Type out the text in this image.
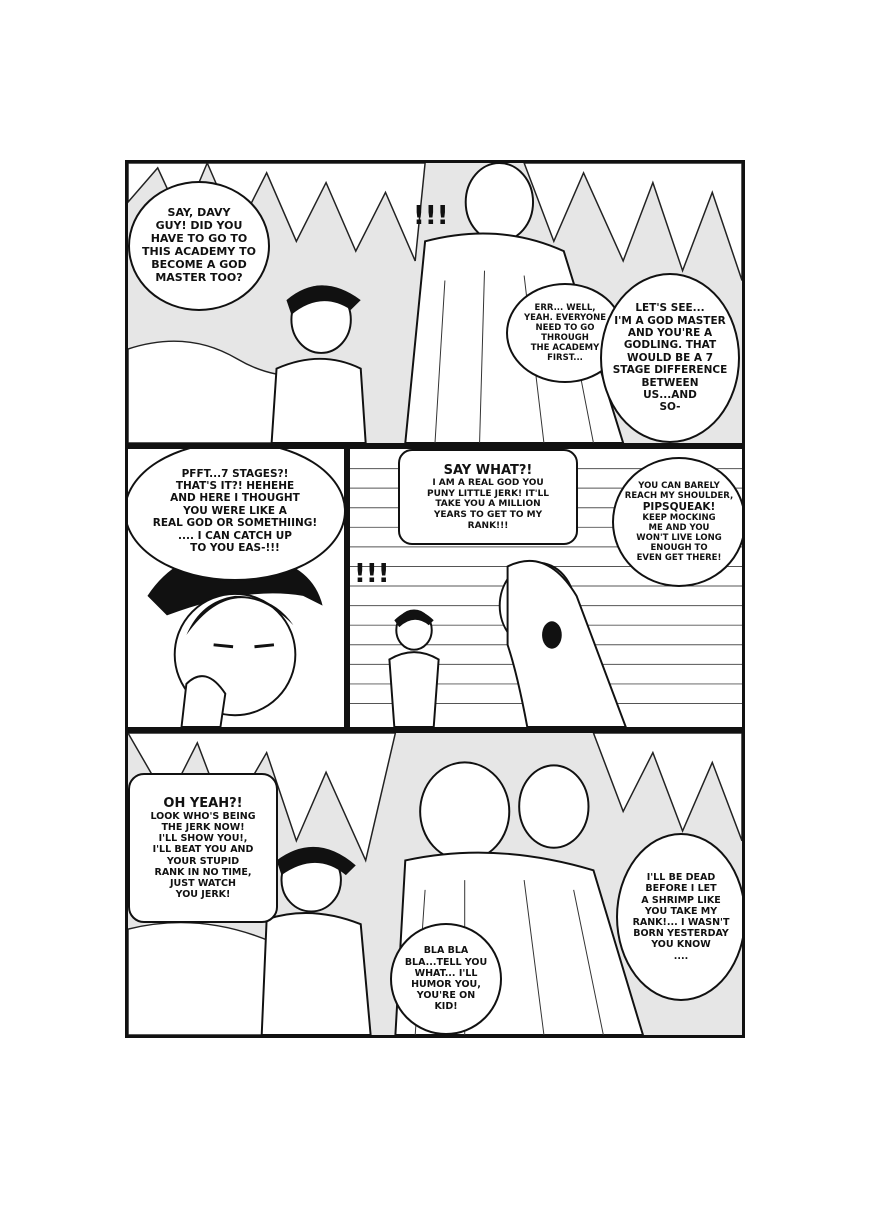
!!!
SAY, DAVY
GUY! DID YOU
HAVE TO GO TO
THIS ACADEMY TO
BECOME A GOD
MASTER TOO?
ERR... WELL,
YEAH. EVERYONE
NEED TO GO
THROUGH
THE ACADEMY
FIRST...
LET'S SEE...
I'M A GOD MASTER
AND YOU'RE A
GODLING. THAT
WOULD BE A 7
STAGE DIFFERENCE
BETWEEN
US...AND
SO-
PFFT...7 STAGES?!
THAT'S IT?! HEHEHE
AND HERE I THOUGHT
YOU WERE LIKE A
REAL GOD OR SOMETHIING!
.... I CAN CATCH UP
TO YOU EAS-!!!
!!!
SAY WHAT?!
I AM A REAL GOD YOU
PUNY LITTLE JERK! IT'LL
TAKE YOU A MILLION
YEARS TO GET TO MY
RANK!!!
YOU CAN BARELY
REACH MY SHOULDER,
PIPSQUEAK!
KEEP MOCKING
ME AND YOU
WON'T LIVE LONG
ENOUGH TO
EVEN GET THERE!
OH YEAH?!
LOOK WHO'S BEING
THE JERK NOW!
I'LL SHOW YOU!,
I'LL BEAT YOU AND
YOUR STUPID
RANK IN NO TIME,
JUST WATCH
YOU JERK!
BLA BLA
BLA...TELL YOU
WHAT... I'LL
HUMOR YOU,
YOU'RE ON
KID!
I'LL BE DEAD
BEFORE I LET
A SHRIMP LIKE
YOU TAKE MY
RANK!... I WASN'T
BORN YESTERDAY
YOU KNOW
....
